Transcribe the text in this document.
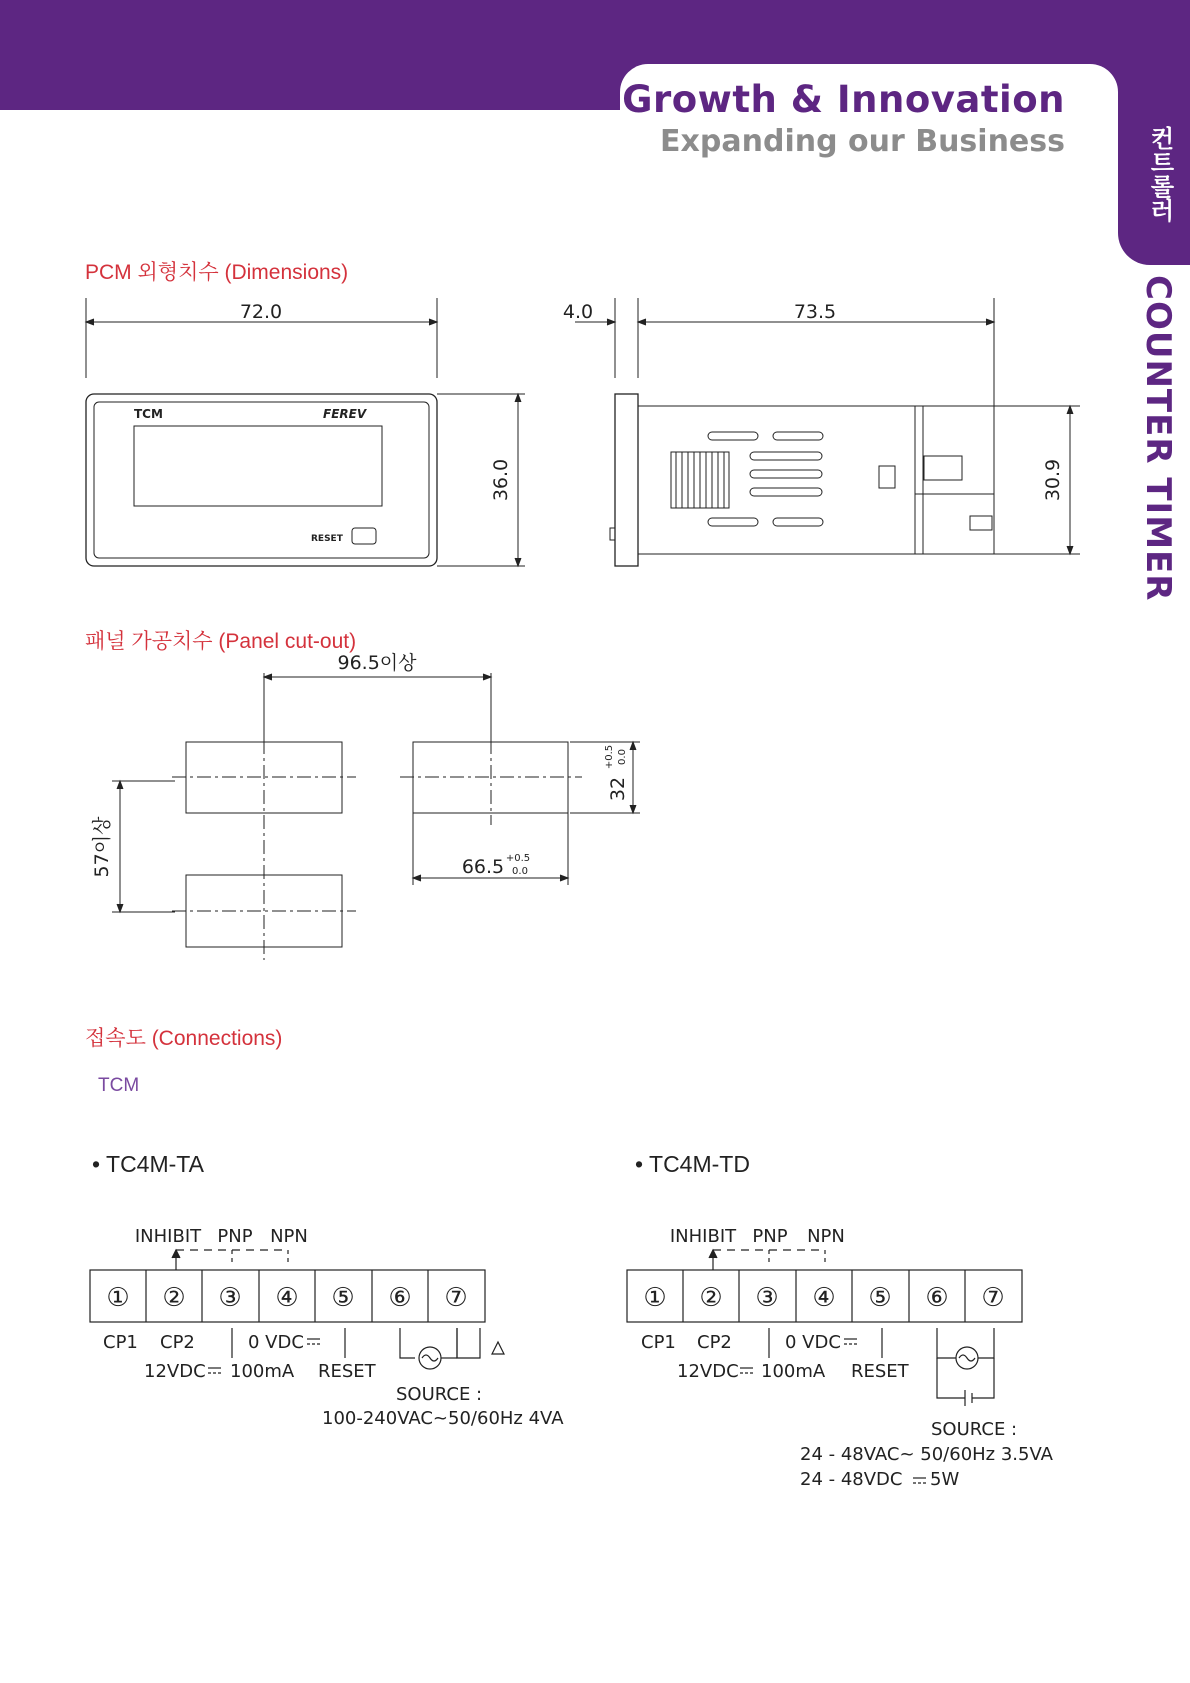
Growth & Innovation
Expanding our Business	컨트롤러
COUNTER TIMER
PCM 외형치수 (Dimensions)
패널 가공치수 (Panel cut-out)
접속도 (Connections)
TCM
• TC4M-TA	• TC4M-TD
72.0
36.0
4.0	73.5
30.9
TCM	FEREV
RESET
96.5이상
57이상
32
+0.5 0.0
66.5 +0.5
0.0
INHIBIT PNP NPN
① ② ③ ④ ⑤ ⑥ ⑦
CP1 CP2	0 VDC
12VDC 100mA RESET
SOURCE :
100-240VAC~50/60Hz 4VA
INHIBIT PNP NPN
① ② ③ ④ ⑤ ⑥ ⑦
CP1 CP2	0 VDC
12VDC 100mA RESET
SOURCE :
24 - 48VAC~ 50/60Hz 3.5VA
24 - 48VDC 5W
